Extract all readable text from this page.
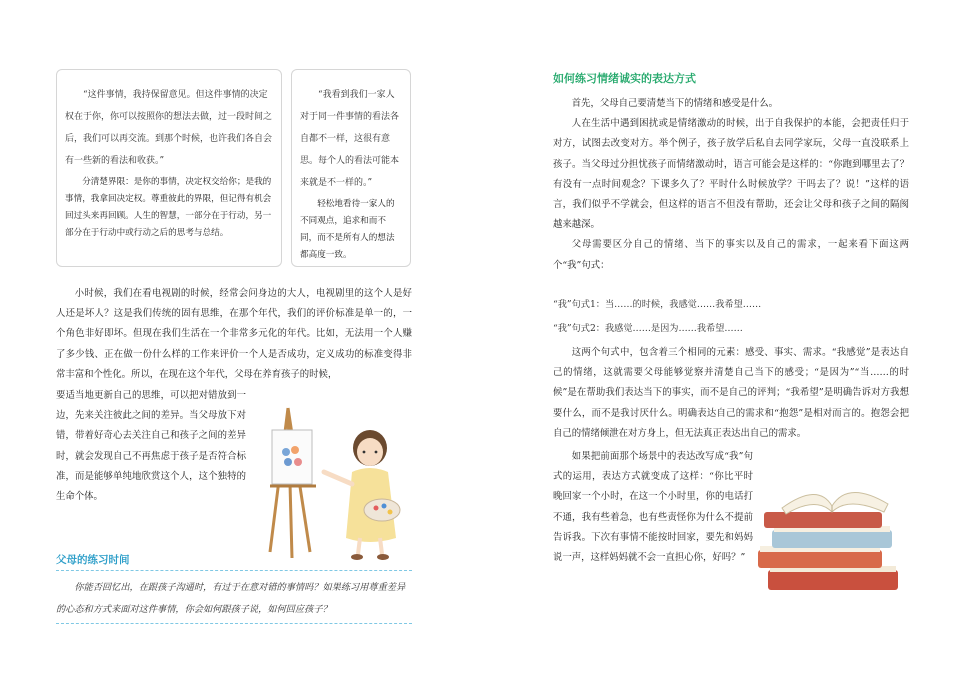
“这件事情，我持保留意见。但这件事情的决定权在于你，你可以按照你的想法去做，过一段时间之后，我们可以再交流。到那个时候，也许我们各自会有一些新的看法和收获。”

分清楚界限：是你的事情，决定权交给你；是我的事情，我拿回决定权。尊重彼此的界限，但记得有机会回过头来再回顾。人生的智慧，一部分在于行动，另一部分在于行动中或行动之后的思考与总结。

“我看到我们一家人对于同一件事情的看法各自都不一样，这很有意思。每个人的看法可能本来就是不一样的。”

轻松地看待一家人的不同观点，追求和而不同，而不是所有人的想法都高度一致。

小时候，我们在看电视剧的时候，经常会问身边的大人，电视剧里的这个人是好人还是坏人？这是我们传统的固有思维，在那个年代，我们的评价标准是单一的，一个角色非好即坏。但现在我们生活在一个非常多元化的年代。比如，无法用一个人赚了多少钱、正在做一份什么样的工作来评价一个人是否成功，定义成功的标准变得非常丰富和个性化。所以，在现在这个年代，父母在养育孩子的时候，

要适当地更新自己的思维，可以把对错放到一边，先来关注彼此之间的差异。当父母放下对错，带着好奇心去关注自己和孩子之间的差异时，就会发现自己不再焦虑于孩子是否符合标准，而是能够单纯地欣赏这个人，这个独特的生命个体。

父母的练习时间

你能否回忆出，在跟孩子沟通时，有过于在意对错的事情吗？如果练习用尊重差异的心态和方式来面对这件事情，你会如何跟孩子说，如何回应孩子？

如何练习情绪诚实的表达方式

首先，父母自己要清楚当下的情绪和感受是什么。

人在生活中遇到困扰或是情绪激动的时候，出于自我保护的本能，会把责任归于对方，试图去改变对方。举个例子，孩子放学后私自去同学家玩，父母一直没联系上孩子。当父母过分担忧孩子而情绪激动时，语言可能会是这样的：“你跑到哪里去了？有没有一点时间观念？下课多久了？平时什么时候放学？干吗去了？说！”这样的语言，我们似乎不学就会，但这样的语言不但没有帮助，还会让父母和孩子之间的隔阂越来越深。

父母需要区分自己的情绪、当下的事实以及自己的需求，一起来看下面这两个“我”句式：

“我”句式1：当……的时候，我感觉……我希望……

“我”句式2：我感觉……是因为……我希望……

这两个句式中，包含着三个相同的元素：感受、事实、需求。“我感觉”是表达自己的情绪，这就需要父母能够觉察并清楚自己当下的感受；“是因为”“当……的时候”是在帮助我们表达当下的事实，而不是自己的评判；“我希望”是明确告诉对方我想要什么，而不是我讨厌什么。明确表达自己的需求和“抱怨”是相对而言的。抱怨会把自己的情绪倾泄在对方身上，但无法真正表达出自己的需求。

如果把前面那个场景中的表达改写成“我”句式的运用，表达方式就变成了这样：“你比平时晚回家一个小时，在这一个小时里，你的电话打不通，我有些着急，也有些责怪你为什么不提前告诉我。下次有事情不能按时回家，要先和妈妈说一声，这样妈妈就不会一直担心你，好吗？”
